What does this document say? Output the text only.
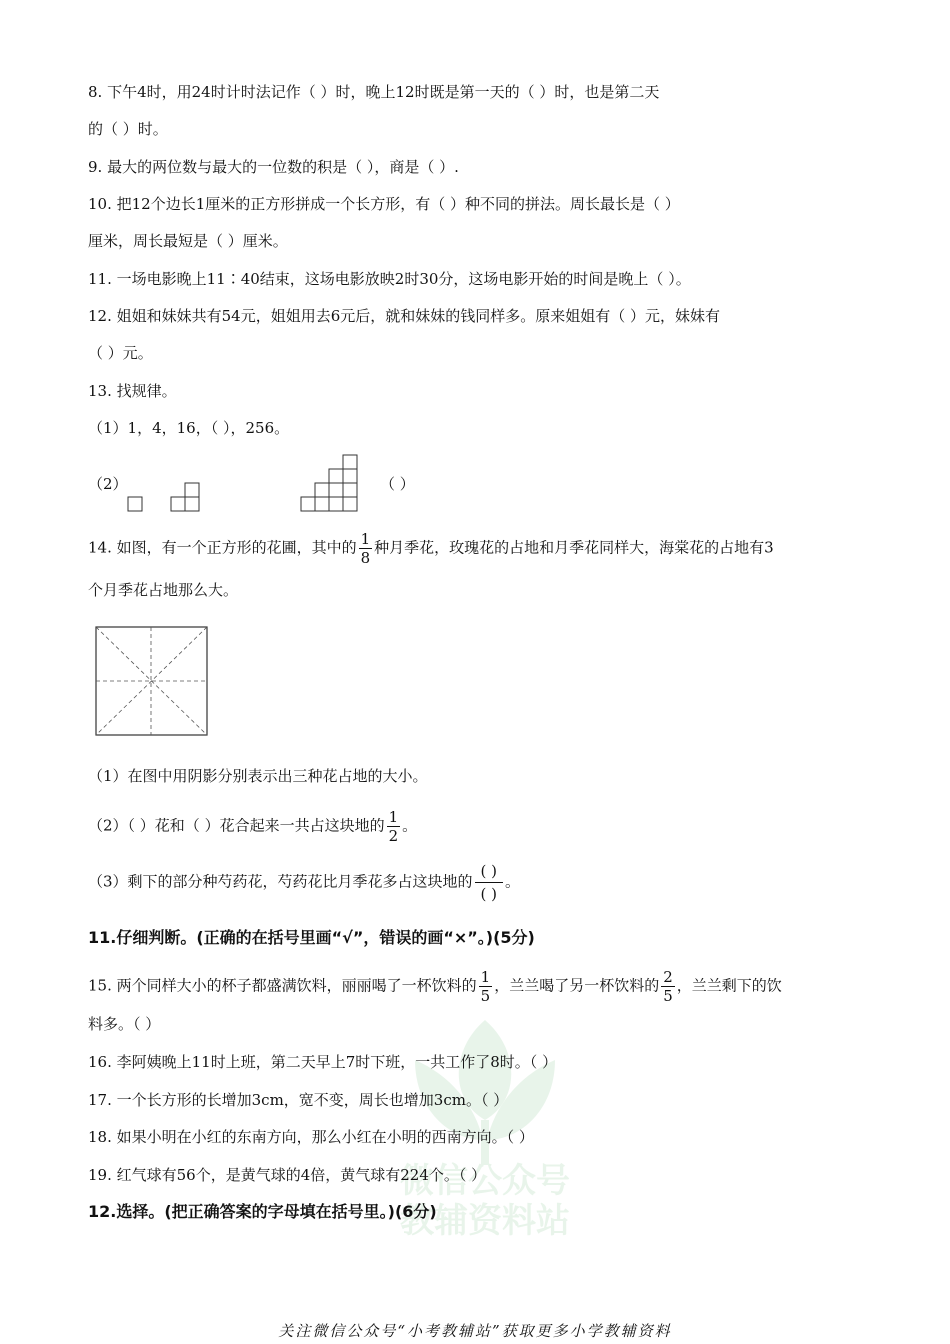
微信公众号
教辅资料站
8. 下午4时，用24时计时法记作（ ）时，晚上12时既是第一天的（ ）时，也是第二天
的（ ）时。
9. 最大的两位数与最大的一位数的积是（ ），商是（ ）.
10. 把12个边长1厘米的正方形拼成一个长方形，有（ ）种不同的拼法。周长最长是（ ）
厘米，周长最短是（ ）厘米。
11. 一场电影晚上11∶40结束，这场电影放映2时30分，这场电影开始的时间是晚上（ ）。
12. 姐姐和妹妹共有54元，姐姐用去6元后，就和妹妹的钱同样多。原来姐姐有（ ）元，妹妹有
（ ）元。
13. 找规律。
（1）1，4，16，（ ），256。
（2）	（ ）
14. 如图，有一个正方形的花圃，其中的 $\frac{1}{8}$ 种月季花，玫瑰花的占地和月季花同样大，海棠花的占地有3
个月季花占地那么大。
（1）在图中用阴影分别表示出三种花占地的大小。
（2）（ ）花和（ ）花合起来一共占这块地的 $\frac{1}{2}$ 。
（3）剩下的部分种芍药花，芍药花比月季花多占这块地的 $\frac{( )}{( )}$ 。
11.仔细判断。(正确的在括号里画“√”，错误的画“×”。)(5分)
15. 两个同样大小的杯子都盛满饮料，丽丽喝了一杯饮料的 $\frac{1}{5}$ ，兰兰喝了另一杯饮料的 $\frac{2}{5}$ ，兰兰剩下的饮
料多。（ ）
16. 李阿姨晚上11时上班，第二天早上7时下班，一共工作了8时。（ ）
17. 一个长方形的长增加3cm，宽不变，周长也增加3cm。（ ）
18. 如果小明在小红的东南方向，那么小红在小明的西南方向。（ ）
19. 红气球有56个，是黄气球的4倍，黄气球有224个。（ ）
12.选择。(把正确答案的字母填在括号里。)(6分)
关注微信公众号“小考教辅站”获取更多小学教辅资料
